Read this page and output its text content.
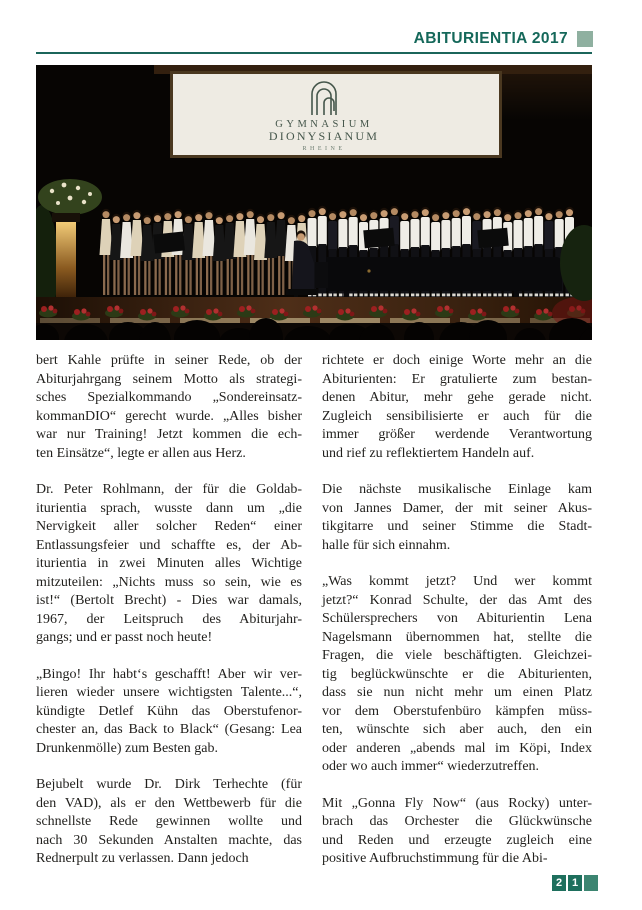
ABITURIENTIA 2017
GYMNASIUM
DIONYSIANUM
RHEINE
bert Kahle prüfte in seiner Rede, ob der
Abiturjahrgang seinem Motto als strategi-
sches Spezialkommando „Sondereinsatz-
kommanDIO“ gerecht wurde. „Alles bisher
war nur Training! Jetzt kommen die ech-
ten Einsätze“, legte er allen aus Herz.
Dr. Peter Rohlmann, der für die Goldab-
iturientia sprach, wusste dann um „die
Nervigkeit aller solcher Reden“ einer
Entlassungsfeier und schaffte es, der Ab-
iturientia in zwei Minuten alles Wichtige
mitzuteilen: „Nichts muss so sein, wie es
ist!“ (Bertolt Brecht) - Dies war damals,
1967, der Leitspruch des Abiturjahr-
gangs; und er passt noch heute!
„Bingo! Ihr habt‘s geschafft! Aber wir ver-
lieren wieder unsere wichtigsten Talente...“,
kündigte Detlef Kühn das Oberstufenor-
chester an, das Back to Black“ (Gesang: Lea
Drunkenmölle) zum Besten gab.
Bejubelt wurde Dr. Dirk Terhechte (für
den VAD), als er den Wettbewerb für die
schnellste Rede gewinnen wollte und
nach 30 Sekunden Anstalten machte, das
Rednerpult zu verlassen. Dann jedoch
richtete er doch einige Worte mehr an die
Abiturienten: Er gratulierte zum bestan-
denen Abitur, mehr gehe gerade nicht.
Zugleich sensibilisierte er auch für die
immer größer werdende Verantwortung
und rief zu reflektiertem Handeln auf.
Die nächste musikalische Einlage kam
von Jannes Damer, der mit seiner Akus-
tikgitarre und seiner Stimme die Stadt-
halle für sich einnahm.
„Was kommt jetzt? Und wer kommt
jetzt?“ Konrad Schulte, der das Amt des
Schülersprechers von Abiturientin Lena
Nagelsmann übernommen hat, stellte die
Fragen, die viele beschäftigten. Gleichzei-
tig beglückwünschte er die Abiturienten,
dass sie nun nicht mehr um einen Platz
vor dem Oberstufenbüro kämpfen müss-
ten, wünschte sich aber auch, den ein
oder anderen „abends mal im Köpi, Index
oder wo auch immer“ wiederzutreffen.
Mit „Gonna Fly Now“ (aus Rocky) unter-
brach das Orchester die Glückwünsche
und Reden und erzeugte zugleich eine
positive Aufbruchstimmung für die Abi-
2 1
